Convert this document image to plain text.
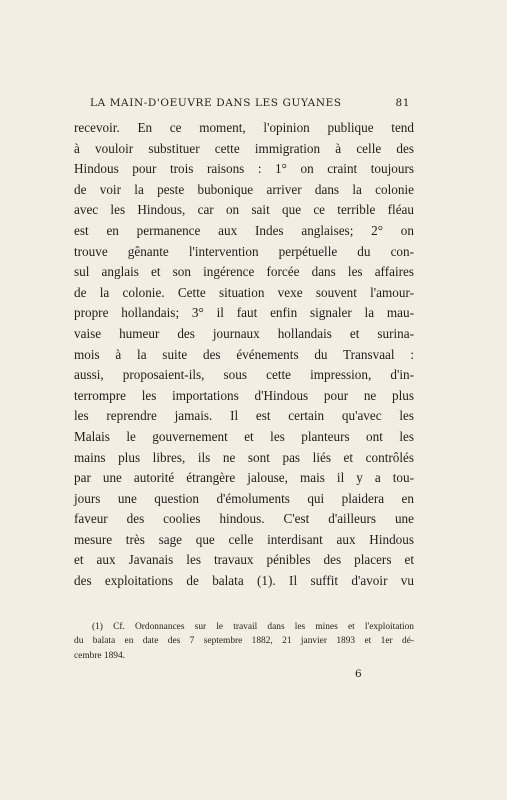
LA MAIN-D'OEUVRE DANS LES GUYANES	81
recevoir. En ce moment, l'opinion publique tend
à vouloir substituer cette immigration à celle des
Hindous pour trois raisons : 1° on craint toujours
de voir la peste bubonique arriver dans la colonie
avec les Hindous, car on sait que ce terrible fléau
est en permanence aux Indes anglaises; 2° on
trouve gênante l'intervention perpétuelle du con-
sul anglais et son ingérence forcée dans les affaires
de la colonie. Cette situation vexe souvent l'amour-
propre hollandais; 3° il faut enfin signaler la mau-
vaise humeur des journaux hollandais et surina-
mois à la suite des événements du Transvaal :
aussi, proposaient-ils, sous cette impression, d'in-
terrompre les importations d'Hindous pour ne plus
les reprendre jamais. Il est certain qu'avec les
Malais le gouvernement et les planteurs ont les
mains plus libres, ils ne sont pas liés et contrôlés
par une autorité étrangère jalouse, mais il y a tou-
jours une question d'émoluments qui plaidera en
faveur des coolies hindous. C'est d'ailleurs une
mesure très sage que celle interdisant aux Hindous
et aux Javanais les travaux pénibles des placers et
des exploitations de balata (1). Il suffit d'avoir vu
(1) Cf. Ordonnances sur le travail dans les mines et l'exploitation
du balata en date des 7 septembre 1882, 21 janvier 1893 et 1er dé-
cembre 1894.
6
